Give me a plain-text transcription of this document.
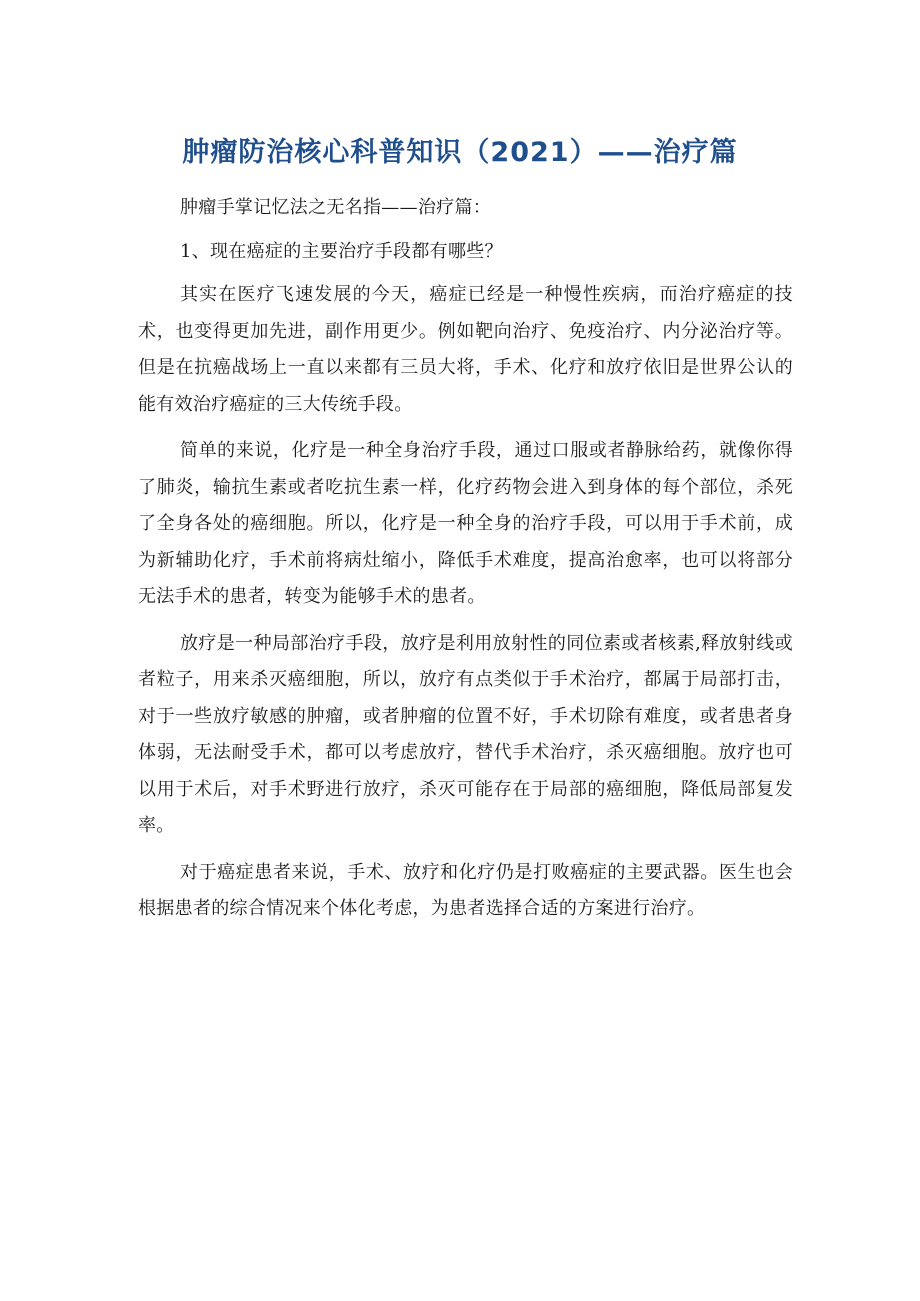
肿瘤防治核心科普知识（2021）——治疗篇

肿瘤手掌记忆法之无名指——治疗篇：

1、现在癌症的主要治疗手段都有哪些？

其实在医疗飞速发展的今天，癌症已经是一种慢性疾病，而治疗癌症的技术，也变得更加先进，副作用更少。例如靶向治疗、免疫治疗、内分泌治疗等。但是在抗癌战场上一直以来都有三员大将，手术、化疗和放疗依旧是世界公认的能有效治疗癌症的三大传统手段。

简单的来说，化疗是一种全身治疗手段，通过口服或者静脉给药，就像你得了肺炎，输抗生素或者吃抗生素一样，化疗药物会进入到身体的每个部位，杀死了全身各处的癌细胞。所以，化疗是一种全身的治疗手段，可以用于手术前，成为新辅助化疗，手术前将病灶缩小，降低手术难度，提高治愈率，也可以将部分无法手术的患者，转变为能够手术的患者。

放疗是一种局部治疗手段，放疗是利用放射性的同位素或者核素,释放射线或者粒子，用来杀灭癌细胞，所以，放疗有点类似于手术治疗，都属于局部打击，对于一些放疗敏感的肿瘤，或者肿瘤的位置不好，手术切除有难度，或者患者身体弱，无法耐受手术，都可以考虑放疗，替代手术治疗，杀灭癌细胞。放疗也可以用于术后，对手术野进行放疗，杀灭可能存在于局部的癌细胞，降低局部复发率。

对于癌症患者来说，手术、放疗和化疗仍是打败癌症的主要武器。医生也会根据患者的综合情况来个体化考虑，为患者选择合适的方案进行治疗。
